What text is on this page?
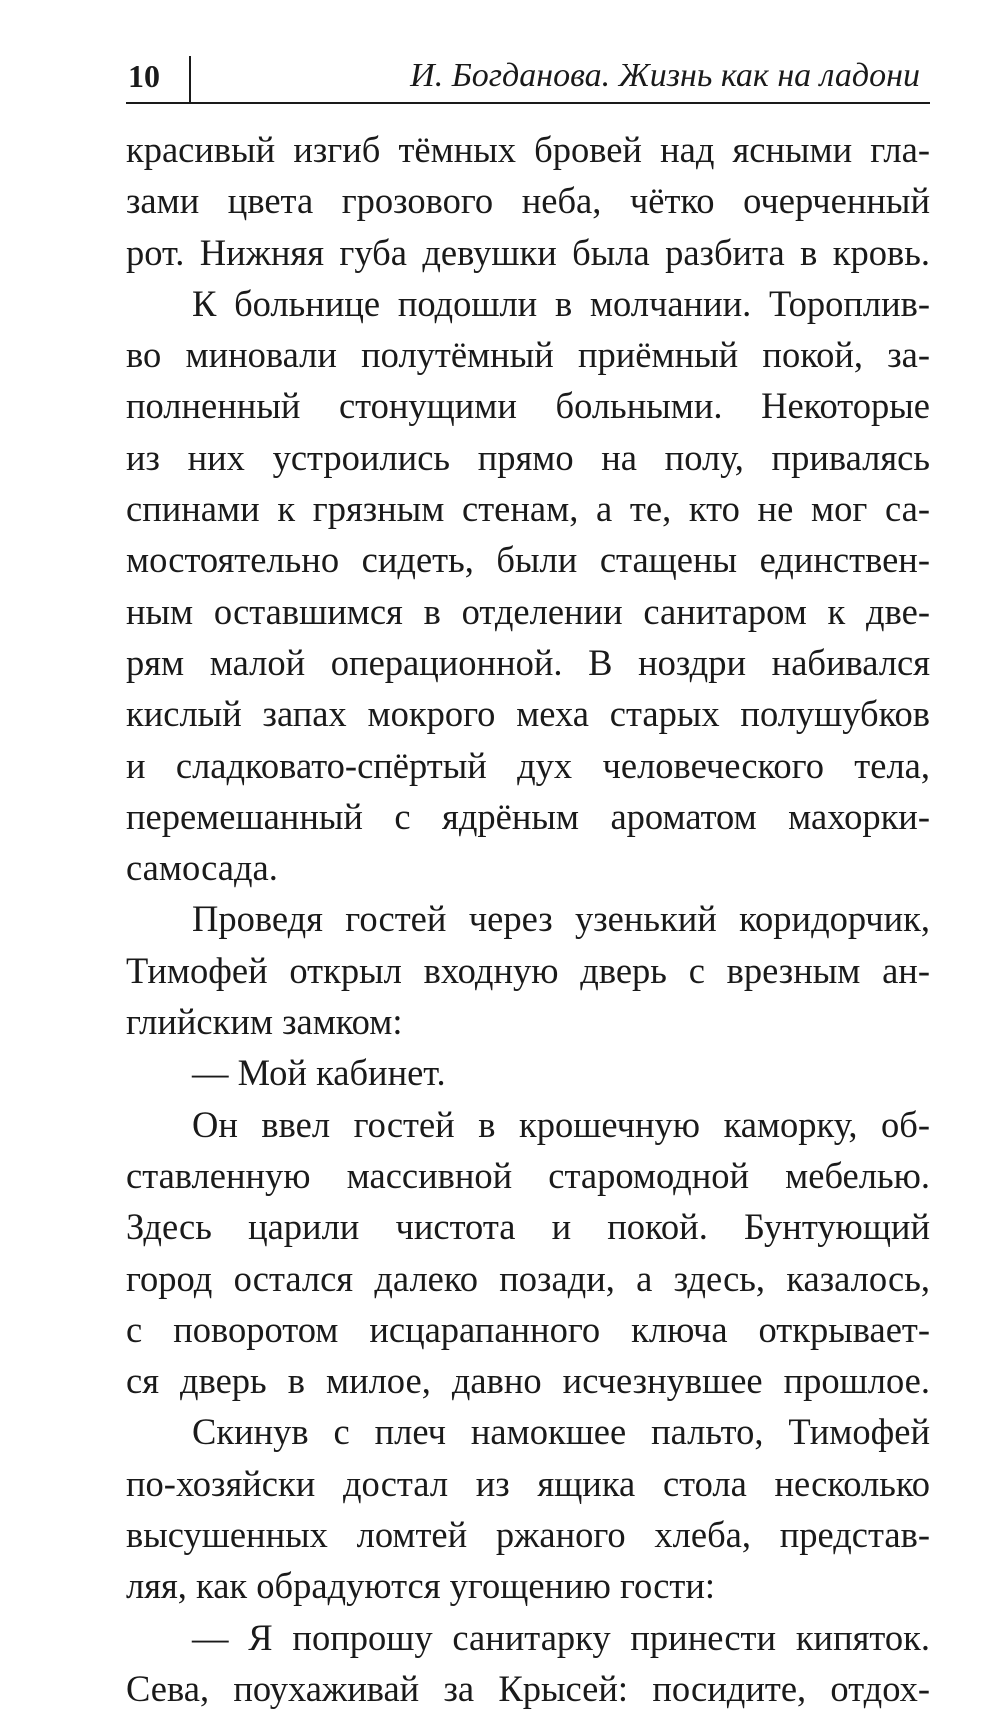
10	И. Богданова. Жизнь как на ладони
красивый изгиб тёмных бровей над ясными гла-
зами цвета грозового неба, чётко очерченный
рот. Нижняя губа девушки была разбита в кровь.
К больнице подошли в молчании. Тороплив-
во миновали полутёмный приёмный покой, за-
полненный стонущими больными. Некоторые
из них устроились прямо на полу, привалясь
спинами к грязным стенам, а те, кто не мог са-
мостоятельно сидеть, были стащены единствен-
ным оставшимся в отделении санитаром к две-
рям малой операционной. В ноздри набивался
кислый запах мокрого меха старых полушубков
и сладковато-спёртый дух человеческого тела,
перемешанный с ядрёным ароматом махорки-
самосада.
Проведя гостей через узенький коридорчик,
Тимофей открыл входную дверь с врезным ан-
глийским замком:
— Мой кабинет.
Он ввел гостей в крошечную каморку, об-
ставленную массивной старомодной мебелью.
Здесь царили чистота и покой. Бунтующий
город остался далеко позади, а здесь, казалось,
с поворотом исцарапанного ключа открывает-
ся дверь в милое, давно исчезнувшее прошлое.
Скинув с плеч намокшее пальто, Тимофей
по-хозяйски достал из ящика стола несколько
высушенных ломтей ржаного хлеба, представ-
ляя, как обрадуются угощению гости:
— Я попрошу санитарку принести кипяток.
Сева, поухаживай за Крысей: посидите, отдох-
